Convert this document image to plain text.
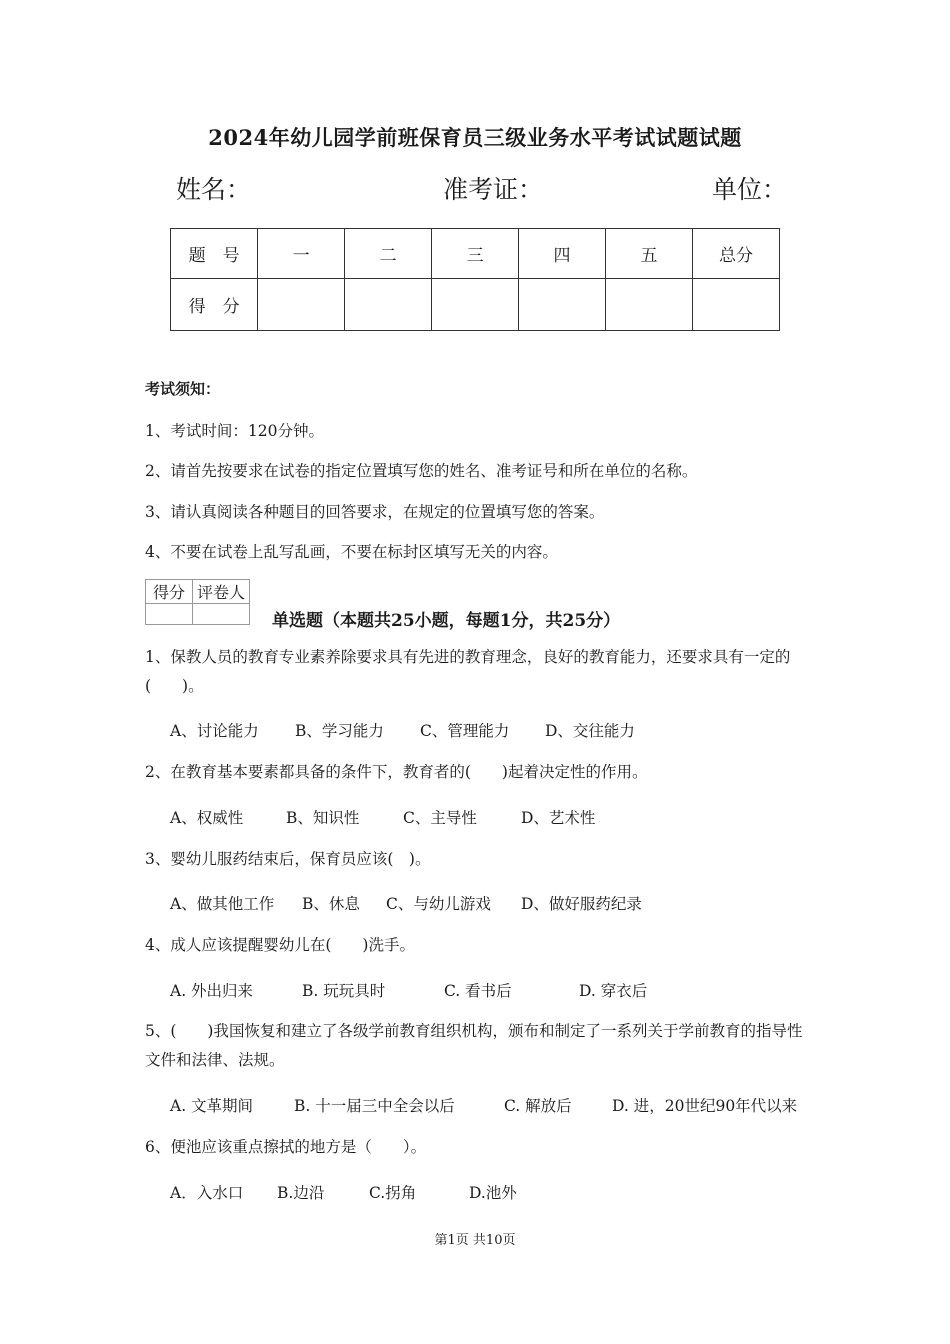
2024年幼儿园学前班保育员三级业务水平考试试题试题
姓名：	准考证：	单位：
题　号	一	二	三	四	五	总分
得　分						
考试须知：
1、考试时间：120分钟。
2、请首先按要求在试卷的指定位置填写您的姓名、准考证号和所在单位的名称。
3、请认真阅读各种题目的回答要求，在规定的位置填写您的答案。
4、不要在试卷上乱写乱画，不要在标封区填写无关的内容。
得分	评卷人

单选题（本题共25小题，每题1分，共25分）
1、保教人员的教育专业素养除要求具有先进的教育理念，良好的教育能力，还要求具有一定的(　　)。
A、讨论能力 B、学习能力 C、管理能力 D、交往能力
2、在教育基本要素都具备的条件下，教育者的(　　)起着决定性的作用。
A、权威性	B、知识性	C、主导性	D、艺术性
3、婴幼儿服药结束后，保育员应该(　)。
A、做其他工作 B、休息 C、与幼儿游戏 D、做好服药纪录
4、成人应该提醒婴幼儿在(　　)洗手。
A. 外出归来	B. 玩玩具时	C. 看书后	D. 穿衣后
5、(　　)我国恢复和建立了各级学前教育组织机构，颁布和制定了一系列关于学前教育的指导性文件和法律、法规。
A. 文革期间	B. 十一届三中全会以后	C. 解放后	D. 进，20世纪90年代以来
6、便池应该重点擦拭的地方是（　　）。
A．入水口 B.边沿	C.拐角	D.池外
第1页 共10页
